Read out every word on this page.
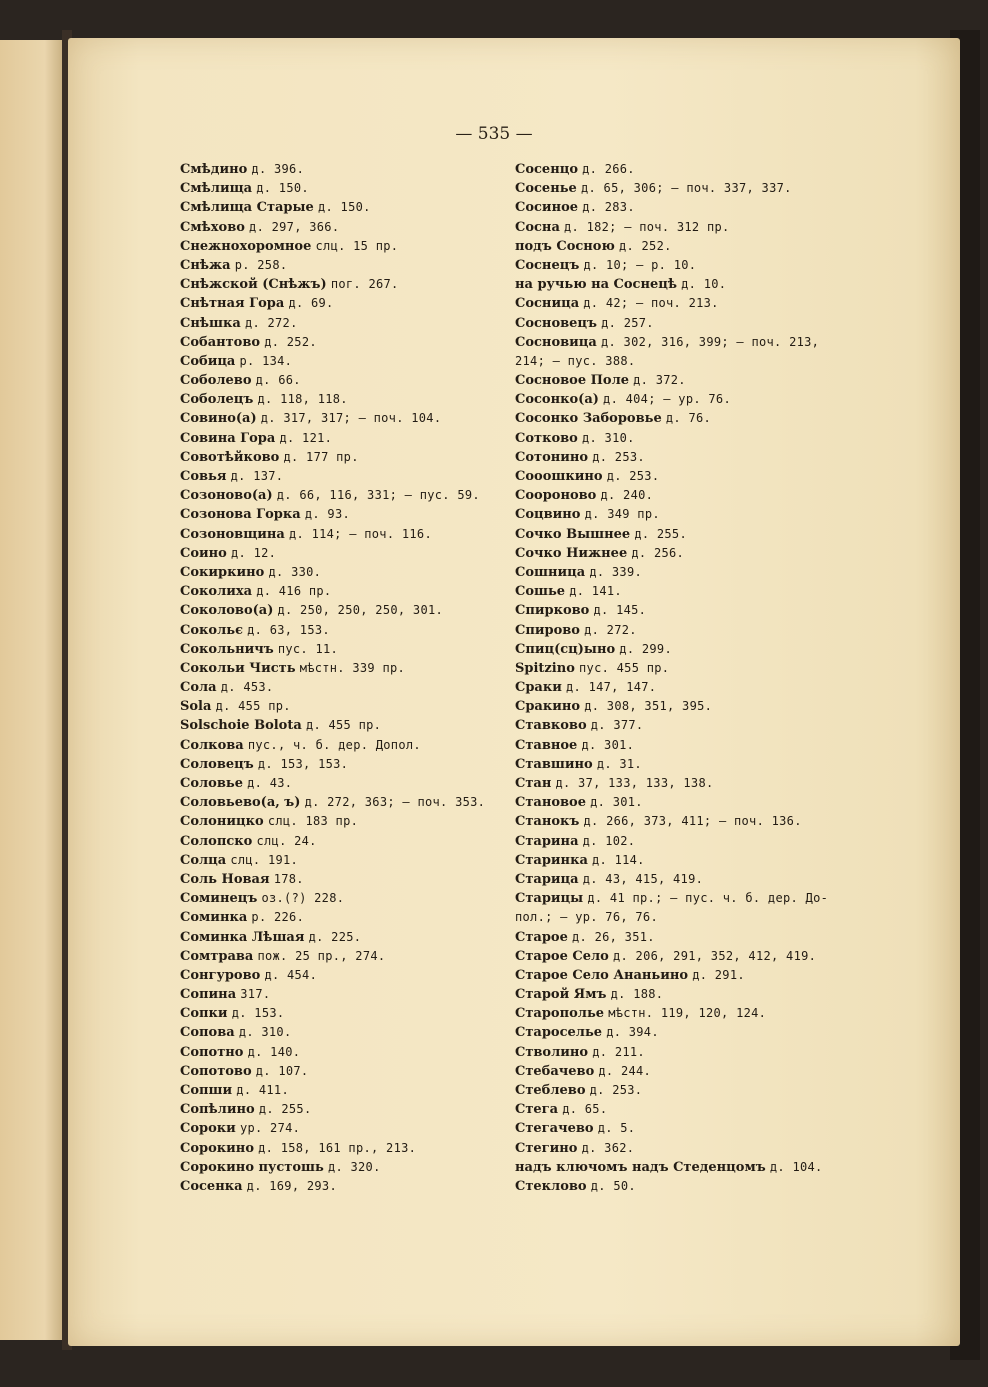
— 535 —
Смѣдино д. 396.
Смѣлища д. 150.
Смѣлища Старые д. 150.
Смѣхово д. 297, 366.
Снежнохоромное слц. 15 пр.
Снѣжа р. 258.
Снѣжской (Снѣжъ) пог. 267.
Снѣтная Гора д. 69.
Снѣшка д. 272.
Собантово д. 252.
Собица р. 134.
Соболево д. 66.
Соболецъ д. 118, 118.
Совино(а) д. 317, 317; — поч. 104.
Совина Гора д. 121.
Совотѣйково д. 177 пр.
Совья д. 137.
Созоново(а) д. 66, 116, 331; — пус. 59.
Созонова Горка д. 93.
Созоновщина д. 114; — поч. 116.
Соино д. 12.
Сокиркино д. 330.
Соколиха д. 416 пр.
Соколово(а) д. 250, 250, 250, 301.
Сокольє д. 63, 153.
Сокольничъ пус. 11.
Сокольи Чисть мѣстн. 339 пр.
Сола д. 453.
Sola д. 455 пр.
Solschoie Bolota д. 455 пр.
Солкова пус., ч. б. дер. Допол.
Соловецъ д. 153, 153.
Соловье д. 43.
Соловьево(а, ъ) д. 272, 363; — поч. 353.
Солоницко слц. 183 пр.
Солопско слц. 24.
Солца слц. 191.
Соль Новая 178.
Соминецъ оз.(?) 228.
Соминка р. 226.
Соминка Лѣшая д. 225.
Сомтрава пож. 25 пр., 274.
Сонгурово д. 454.
Сопина 317.
Сопки д. 153.
Сопова д. 310.
Сопотно д. 140.
Сопотово д. 107.
Сопши д. 411.
Сопѣлино д. 255.
Сороки ур. 274.
Сорокино д. 158, 161 пр., 213.
Сорокино пустошь д. 320.
Сосенка д. 169, 293.
Сосенцо д. 266.
Сосенье д. 65, 306; — поч. 337, 337.
Сосиное д. 283.
Сосна д. 182; — поч. 312 пр.
подъ Сосною д. 252.
Соснецъ д. 10; — р. 10.
на ручью на Соснецѣ д. 10.
Сосница д. 42; — поч. 213.
Сосновецъ д. 257.
Сосновица д. 302, 316, 399; — поч. 213,
214; — пус. 388.
Сосновое Поле д. 372.
Сосонко(а) д. 404; — ур. 76.
Сосонко Заборовье д. 76.
Сотково д. 310.
Сотонино д. 253.
Сооошкино д. 253.
Соороново д. 240.
Соцвино д. 349 пр.
Сочко Вышнее д. 255.
Сочко Нижнее д. 256.
Сошница д. 339.
Сошье д. 141.
Спирково д. 145.
Спирово д. 272.
Спиц(сц)ыно д. 299.
Spitzino пус. 455 пр.
Сраки д. 147, 147.
Сракино д. 308, 351, 395.
Ставково д. 377.
Ставное д. 301.
Ставшино д. 31.
Стан д. 37, 133, 133, 138.
Становое д. 301.
Станокъ д. 266, 373, 411; — поч. 136.
Старина д. 102.
Старинка д. 114.
Старица д. 43, 415, 419.
Старицы д. 41 пр.; — пус. ч. б. дер. До-
пол.; — ур. 76, 76.
Старое д. 26, 351.
Старое Село д. 206, 291, 352, 412, 419.
Старое Село Ананьино д. 291.
Старой Ямъ д. 188.
Старополье мѣстн. 119, 120, 124.
Староселье д. 394.
Стволино д. 211.
Стебачево д. 244.
Стеблево д. 253.
Стега д. 65.
Стегачево д. 5.
Стегино д. 362.
надъ ключомъ надъ Стеденцомъ д. 104.
Стеклово д. 50.
